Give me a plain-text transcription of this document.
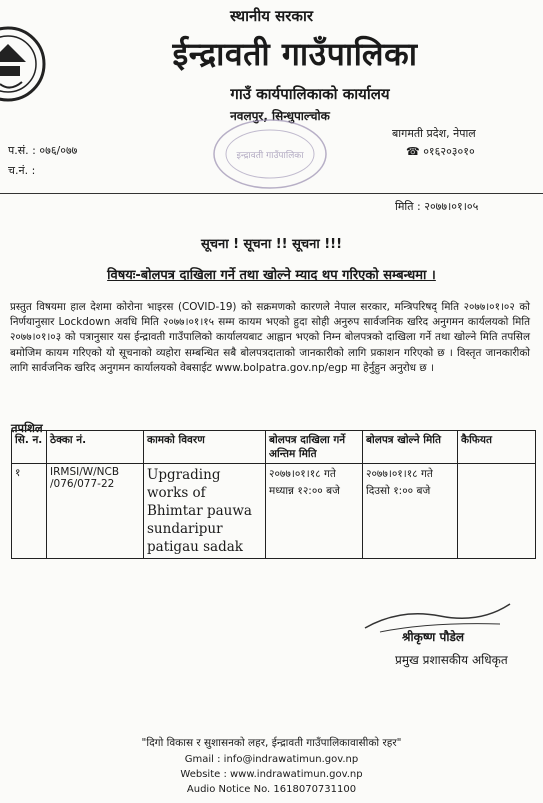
स्थानीय सरकार
ईन्द्रावती गाउँपालिका
गाउँ कार्यपालिकाको कार्यालय
नवलपुर, सिन्धुपाल्चोक
बागमती प्रदेश, नेपाल
☎ ०१६२०३०१०
प.सं. : ०७६/०७७
च.नं. :
इन्द्रावती गाउँपालिका
मिति : २०७७।०१।०५
सूचना ! सूचना !! सूचना !!!
विषयः-बोलपत्र दाखिला गर्ने तथा खोल्ने म्याद थप गरिएको सम्बन्धमा ।
प्रस्तुत विषयमा हाल देशमा कोरोना भाइरस (COVID-19) को सक्रमणको कारणले नेपाल सरकार, मन्त्रिपरिषद् मिति २०७७।०१।०२ को निर्णयानुसार Lockdown अवधि मिति २०७७।०१।१५ सम्म कायम भएको हुदा सोही अनुरुप सार्वजनिक खरिद अनुगमन कार्यलयको मिति २०७७।०१।०३ को पत्रानुसार यस ईन्द्रावती गाउँपालिको कार्यालयबाट आह्वान भएको निम्न बोलपत्रको दाखिला गर्ने तथा खोल्ने मिति तपसिल बमोजिम कायम गरिएको यो सूचनाको व्यहोरा सम्बन्धित सबै बोलपत्रदाताको जानकारीको लागि प्रकाशन गरिएको छ । विस्तृत जानकारीको लागि सार्वजनिक खरिद अनुगमन कार्यालयको वेबसाईट www.bolpatra.gov.np/egp मा हेर्नुहुन अनुरोध छ ।
तपशिल
सि. न.	ठेक्का नं.	कामको विवरण	बोलपत्र दाखिला गर्ने अन्तिम मिति	बोलपत्र खोल्ने मिति	कैफियत
१	IRMSI/W/NCB /076/077-22	Upgrading works of Bhimtar pauwa sundaripur patigau sadak	२०७७।०१।१८ गते मध्यान्न १२:०० बजे	२०७७।०१।१८ गते दिउसो १:०० बजे	
श्रीकृष्ण पौडेल
प्रमुख प्रशासकीय अधिकृत
"दिगो विकास र सुशासनको लहर, ईन्द्रावती गाउँपालिकावासीको रहर"
Gmail : info@indrawatimun.gov.np
Website : www.indrawatimun.gov.np
Audio Notice No. 1618070731100
